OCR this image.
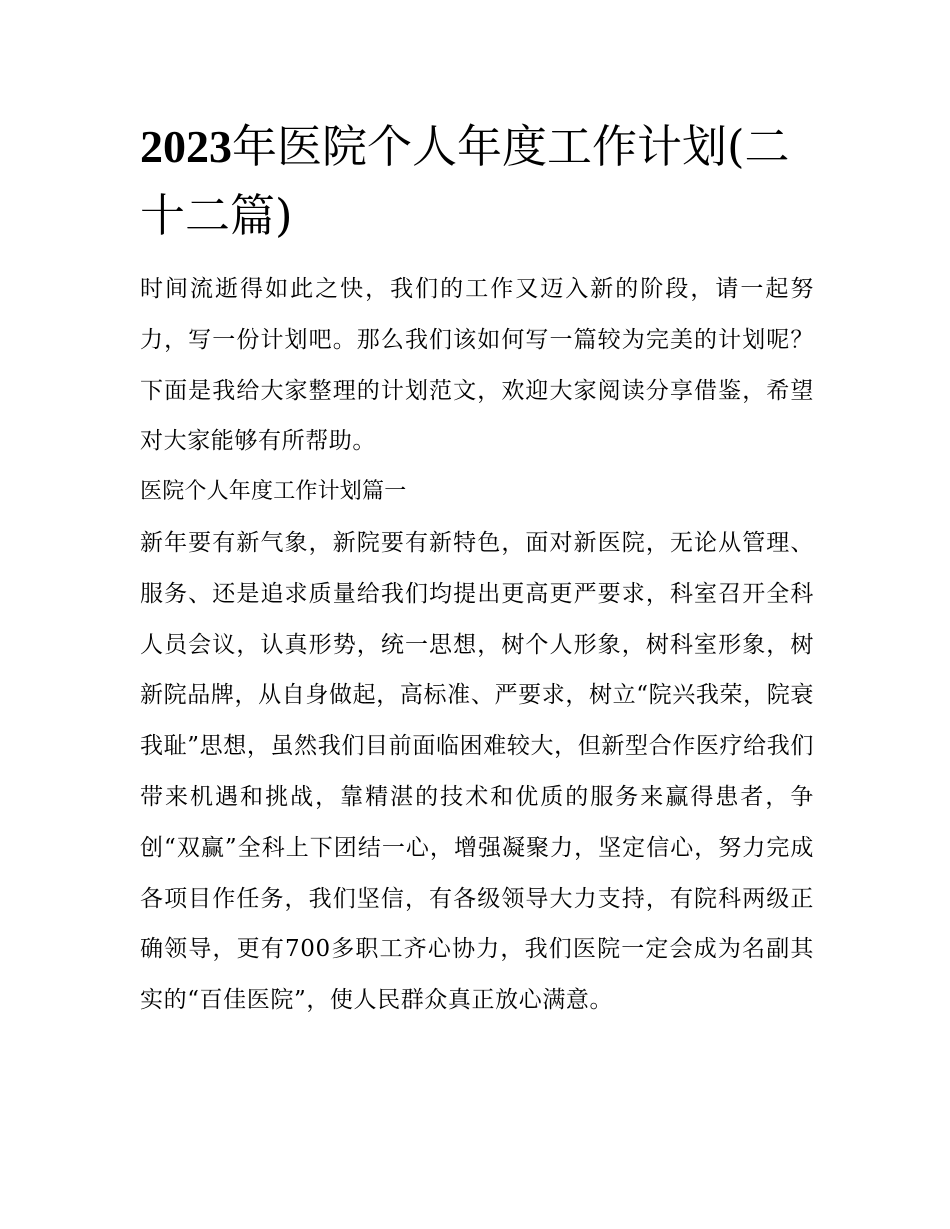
2023年医院个人年度工作计划(二十二篇)

时间流逝得如此之快，我们的工作又迈入新的阶段，请一起努力，写一份计划吧。那么我们该如何写一篇较为完美的计划呢？下面是我给大家整理的计划范文，欢迎大家阅读分享借鉴，希望对大家能够有所帮助。

医院个人年度工作计划篇一

新年要有新气象，新院要有新特色，面对新医院，无论从管理、服务、还是追求质量给我们均提出更高更严要求，科室召开全科人员会议，认真形势，统一思想，树个人形象，树科室形象，树新院品牌，从自身做起，高标准、严要求，树立“院兴我荣，院衰我耻”思想，虽然我们目前面临困难较大，但新型合作医疗给我们带来机遇和挑战，靠精湛的技术和优质的服务来赢得患者，争创“双赢”全科上下团结一心，增强凝聚力，坚定信心，努力完成各项目作任务，我们坚信，有各级领导大力支持，有院科两级正确领导，更有700多职工齐心协力，我们医院一定会成为名副其实的“百佳医院”，使人民群众真正放心满意。
